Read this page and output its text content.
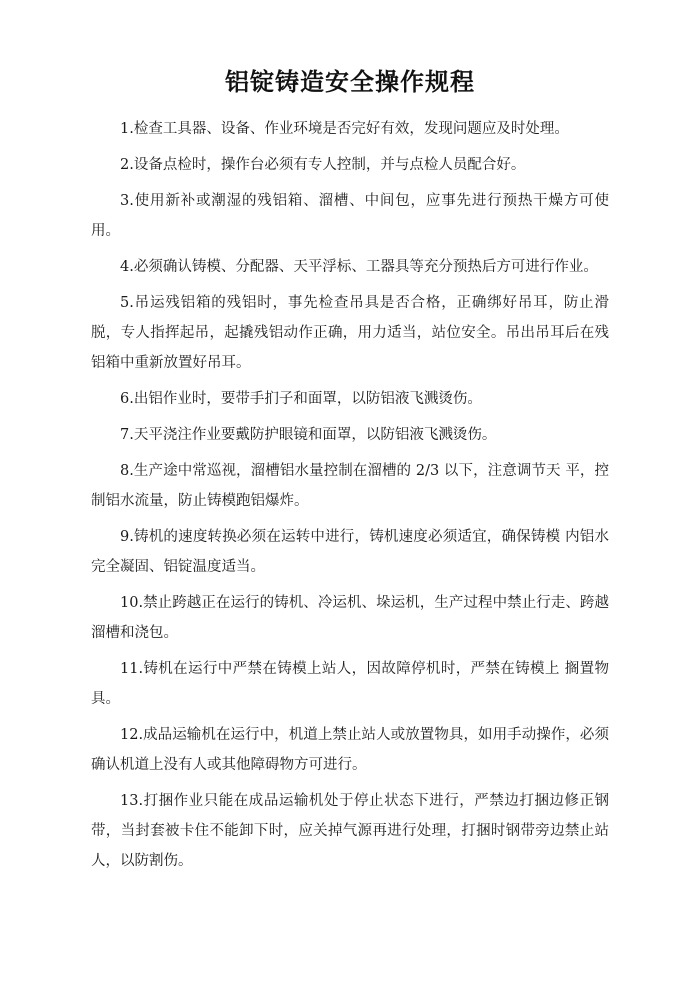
铝锭铸造安全操作规程

1.检查工具器、设备、作业环境是否完好有效，发现问题应及时处理。

2.设备点检时，操作台必须有专人控制，并与点检人员配合好。

3.使用新补或潮湿的残铝箱、溜槽、中间包，应事先进行预热干燥方可使用。

4.必须确认铸模、分配器、天平浮标、工器具等充分预热后方可进行作业。

5.吊运残铝箱的残铝时，事先检查吊具是否合格，正确绑好吊耳，防止滑脱，专人指挥起吊，起撬残铝动作正确，用力适当，站位安全。吊出吊耳后在残铝箱中重新放置好吊耳。

6.出铝作业时，要带手扪子和面罩，以防铝液飞溅烫伤。

7.天平浇注作业要戴防护眼镜和面罩，以防铝液飞溅烫伤。

8.生产途中常巡视，溜槽铝水量控制在溜槽的 2/3 以下，注意调节天 平，控制铝水流量，防止铸模跑铝爆炸。

9.铸机的速度转换必须在运转中进行，铸机速度必须适宜，确保铸模 内铝水完全凝固、铝锭温度适当。

10.禁止跨越正在运行的铸机、冷运机、垛运机，生产过程中禁止行走、跨越溜槽和浇包。

11.铸机在运行中严禁在铸模上站人，因故障停机时，严禁在铸模上 搁置物具。

12.成品运输机在运行中，机道上禁止站人或放置物具，如用手动操作，必须确认机道上没有人或其他障碍物方可进行。

13.打捆作业只能在成品运输机处于停止状态下进行，严禁边打捆边修正钢带，当封套被卡住不能卸下时，应关掉气源再进行处理，打捆时钢带旁边禁止站人，以防割伤。
